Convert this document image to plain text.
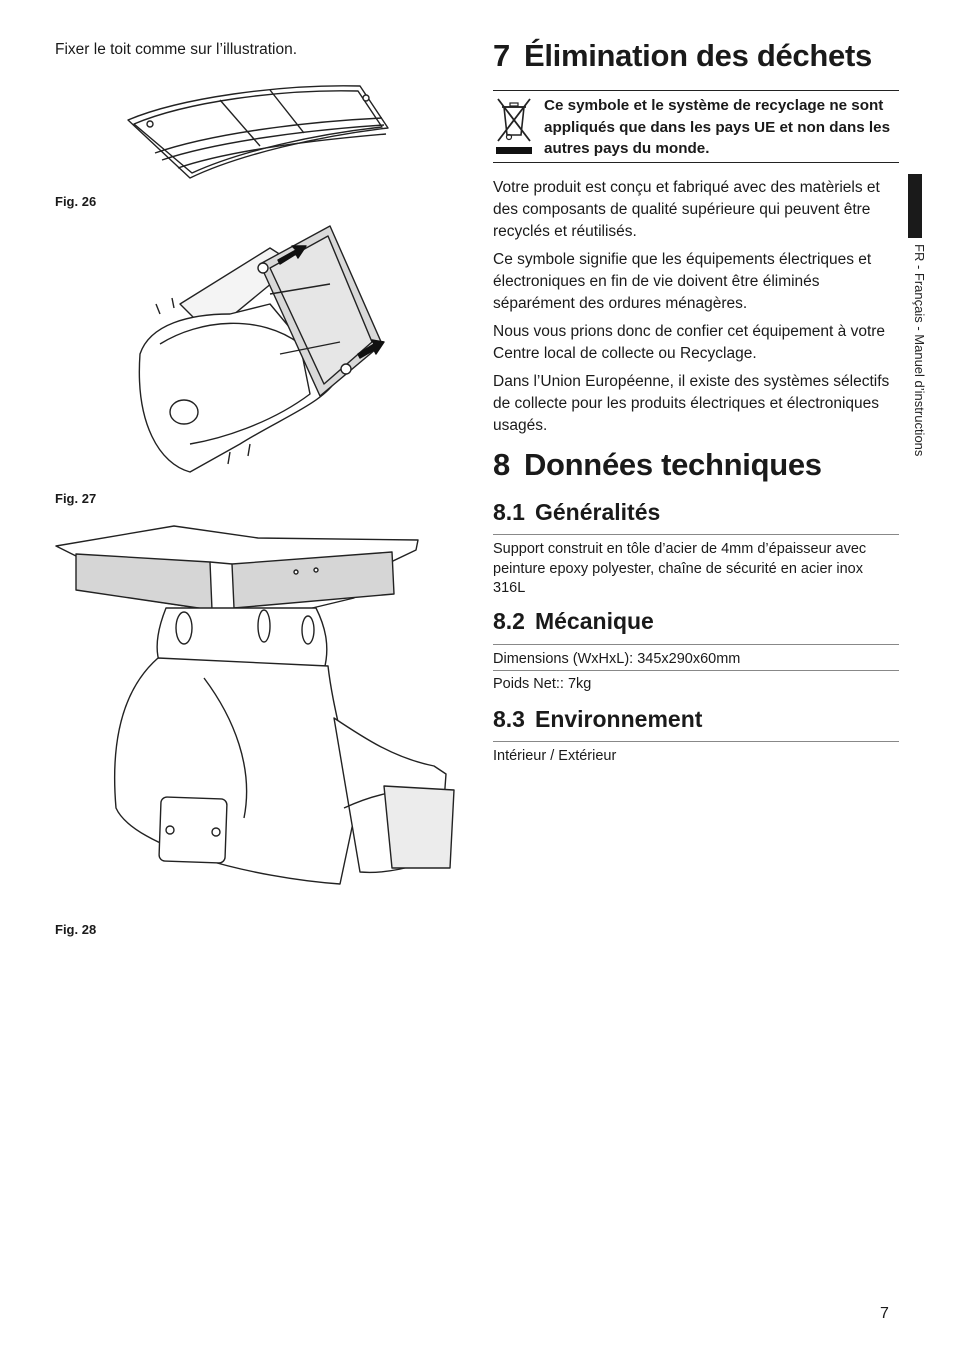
Fixer le toit comme sur l’illustration.
Fig. 26
Fig. 27
Fig. 28
7 Élimination des déchets
Ce symbole et le système de recyclage ne sont appliqués que dans les pays UE et non dans les autres pays du monde.

Votre produit est conçu et fabriqué avec des matèriels et des composants de qualité supérieure qui peuvent être recyclés et réutilisés.

Ce symbole signifie que les équipements électriques et électroniques en fin de vie doivent être éliminés séparément des ordures ménagères.

Nous vous prions donc de confier cet équipement à votre Centre local de collecte ou Recyclage.

Dans l’Union Européenne, il existe des systèmes sélectifs de collecte pour les produits électriques et électroniques usagés.

8 Données techniques
8.1 Généralités
Support construit en tôle d’acier de 4mm d’épaisseur avec peinture epoxy polyester, chaîne de sécurité en acier inox 316L
8.2 Mécanique
Dimensions (WxHxL): 345x290x60mm
Poids Net:: 7kg
8.3 Environnement
Intérieur / Extérieur
FR - Français - Manuel d’instructions
7
